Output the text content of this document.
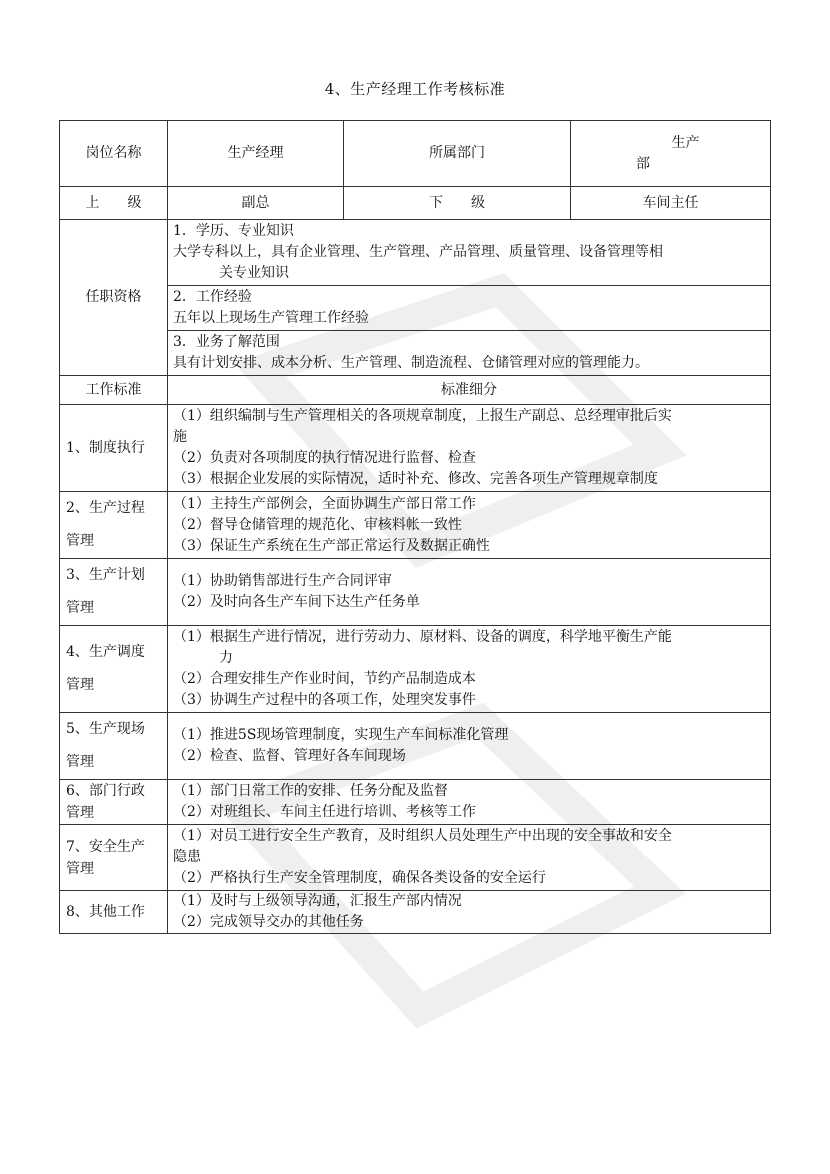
4、生产经理工作考核标准
岗位名称	生产经理	所属部门	生产
部

上　　级	副总	下　　级	车间主任
任职资格	1．学历、专业知识
大学专科以上，具有企业管理、生产管理、产品管理、质量管理、设备管理等相
关专业知识		

	2．工作经验
五年以上现场生产管理工作经验		

	3．业务了解范围
具有计划安排、成本分析、生产管理、制造流程、仓储管理对应的管理能力。		

工作标准	标准细分		

1、制度执行	（1）组织编制与生产管理相关的各项规章制度，上报生产副总、总经理审批后实
施
（2）负责对各项制度的执行情况进行监督、检查
（3）根据企业发展的实际情况，适时补充、修改、完善各项生产管理规章制度		

2、生产过程
管理	（1）主持生产部例会，全面协调生产部日常工作
（2）督导仓储管理的规范化、审核料帐一致性
（3）保证生产系统在生产部正常运行及数据正确性		

3、生产计划
管理	（1）协助销售部进行生产合同评审
（2）及时向各生产车间下达生产任务单		

4、生产调度
管理	（1）根据生产进行情况，进行劳动力、原材料、设备的调度，科学地平衡生产能
力
（2）合理安排生产作业时间，节约产品制造成本
（3）协调生产过程中的各项工作，处理突发事件		

5、生产现场
管理	（1）推进5S现场管理制度，实现生产车间标准化管理
（2）检查、监督、管理好各车间现场		

6、部门行政
管理	（1）部门日常工作的安排、任务分配及监督
（2）对班组长、车间主任进行培训、考核等工作		

7、安全生产
管理	（1）对员工进行安全生产教育，及时组织人员处理生产中出现的安全事故和安全
隐患
（2）严格执行生产安全管理制度，确保各类设备的安全运行		

8、其他工作	（1）及时与上级领导沟通，汇报生产部内情况
（2）完成领导交办的其他任务		
